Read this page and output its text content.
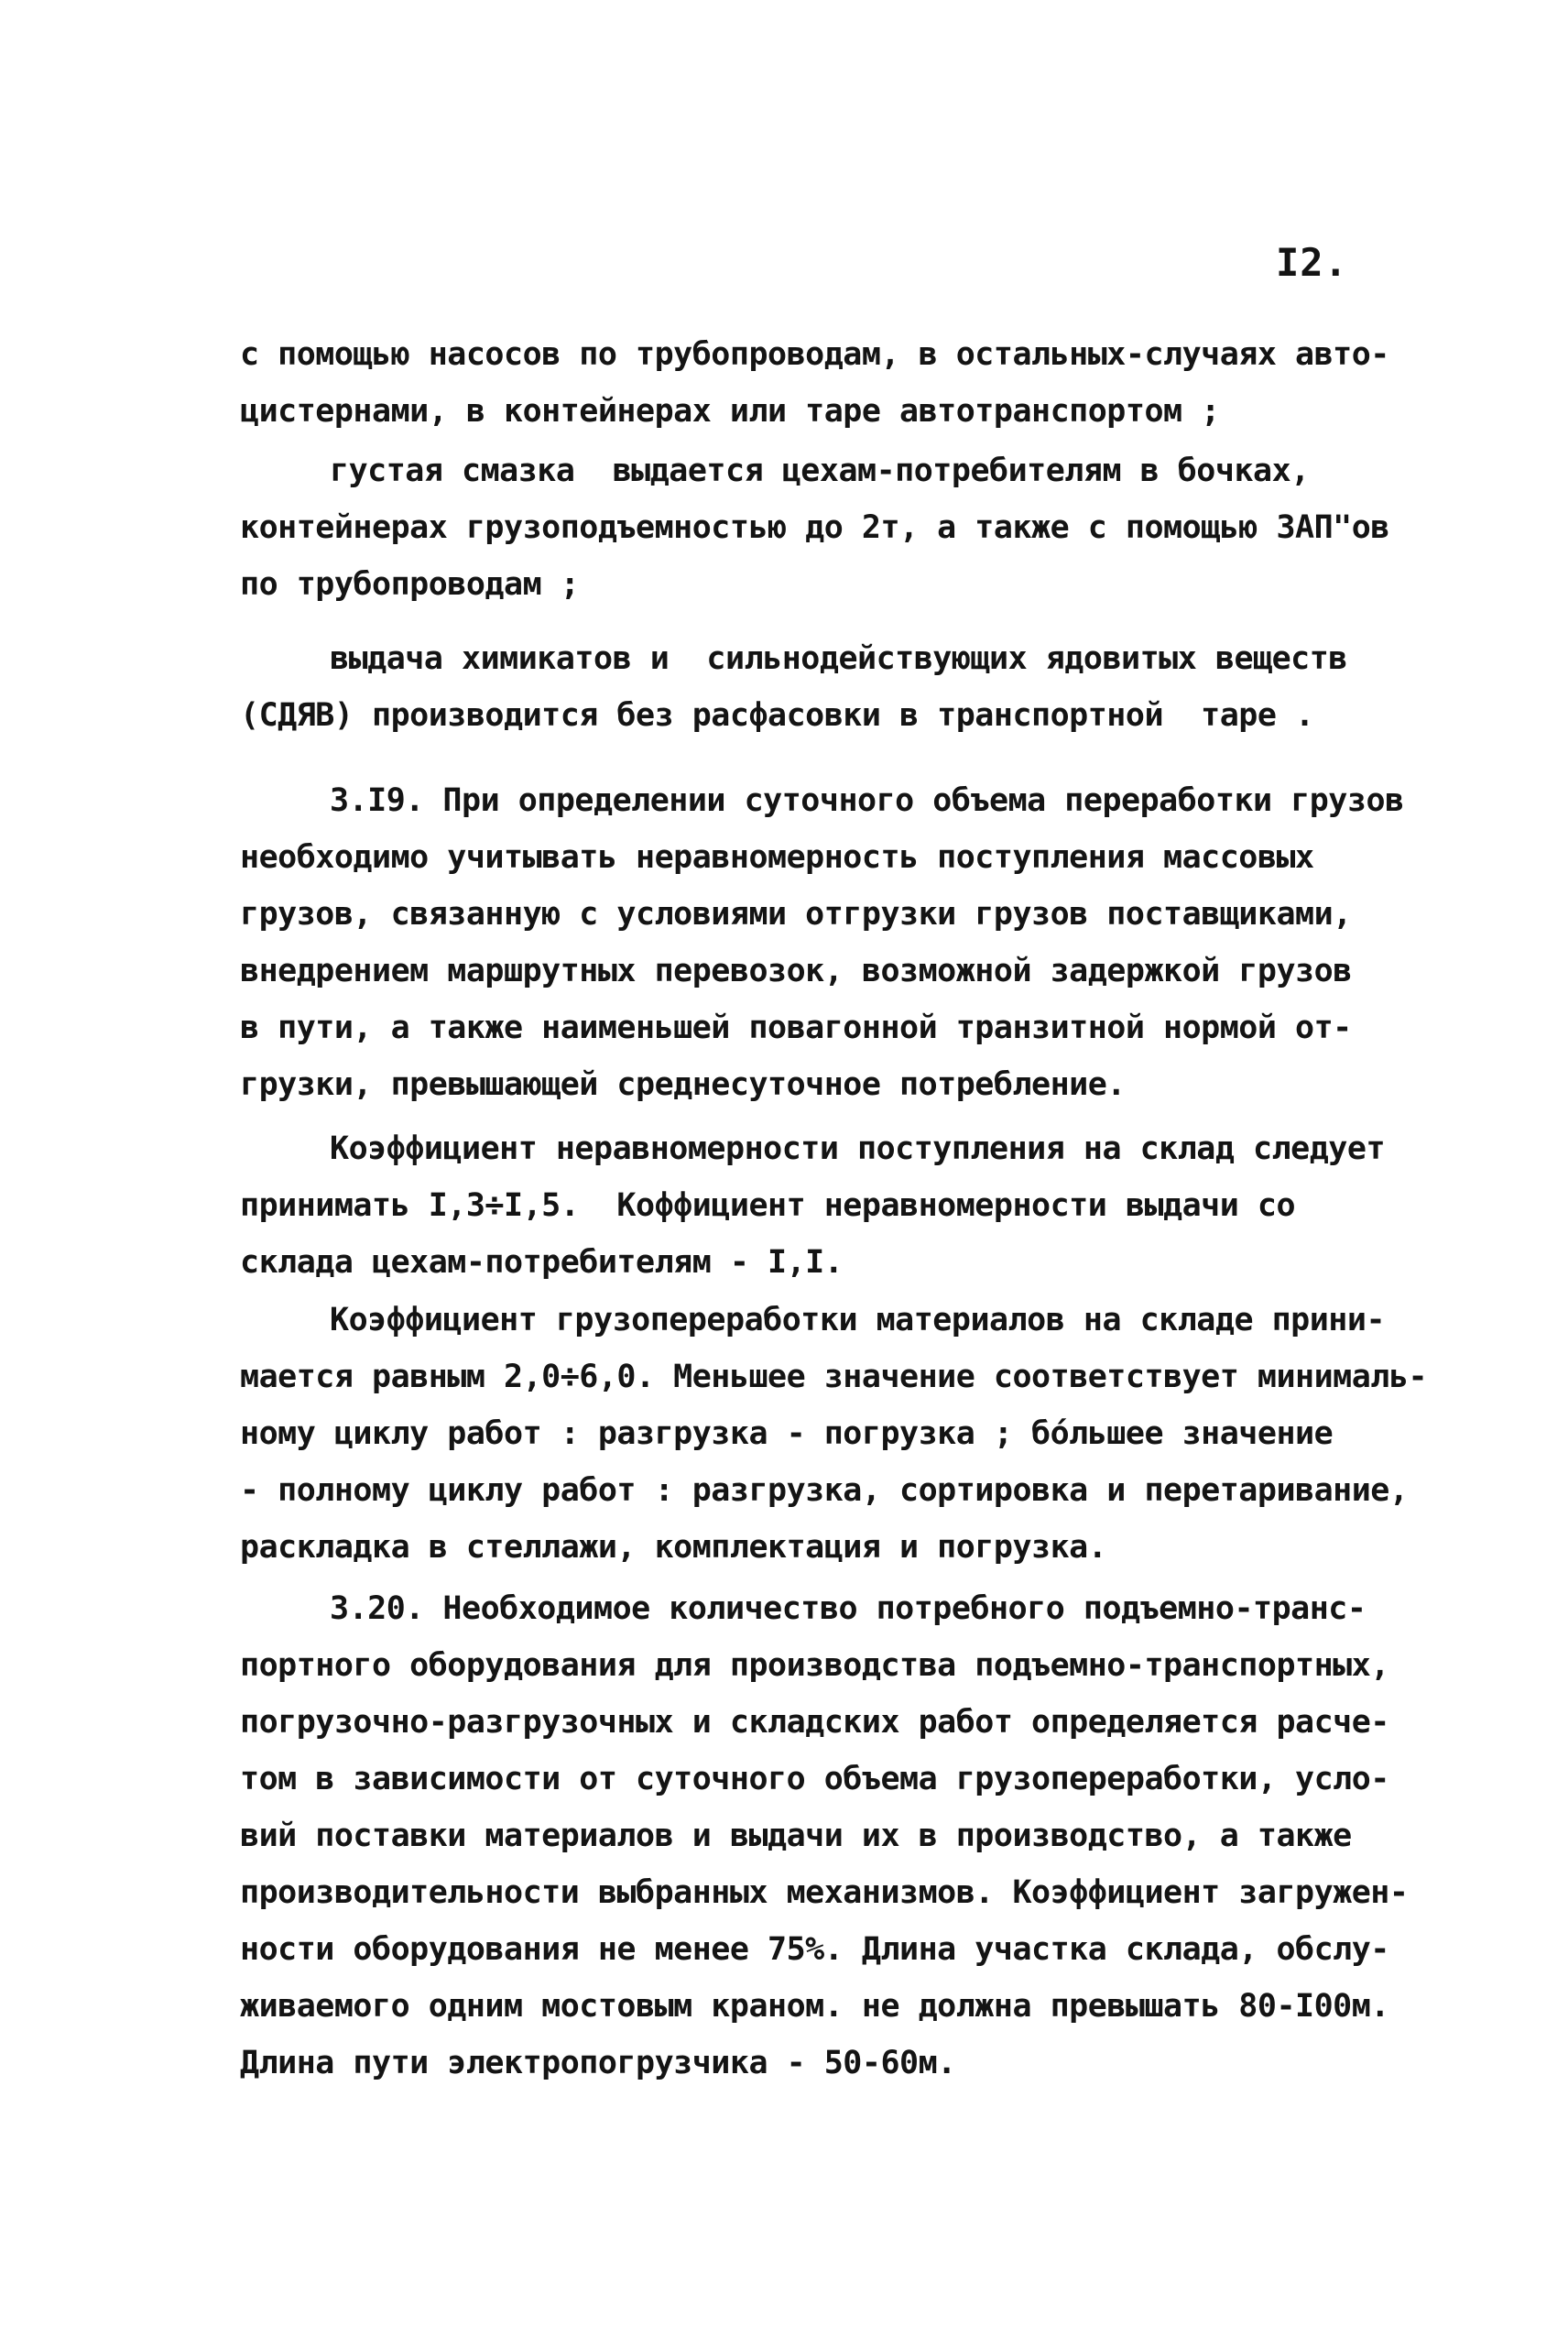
I2.
с помощью насосов по трубопроводам, в остальных-случаях авто-
цистернами, в контейнерах или таре автотранспортом ;
густая смазка  выдается цехам-потребителям в бочках,
контейнерах грузоподъемностью до 2т, а также с помощью ЗАП"ов
по трубопроводам ;
выдача химикатов и  сильнодействующих ядовитых веществ
(СДЯВ) производится без расфасовки в транспортной  таре .
3.I9. При определении суточного объема переработки грузов
необходимо учитывать неравномерность поступления массовых
грузов, связанную с условиями отгрузки грузов поставщиками,
внедрением маршрутных перевозок, возможной задержкой грузов
в пути, а также наименьшей повагонной транзитной нормой от-
грузки, превышающей среднесуточное потребление.
Коэффициент неравномерности поступления на склад следует
принимать I,3÷I,5.  Коффициент неравномерности выдачи со
склада цехам-потребителям - I,I.
Коэффициент грузопереработки материалов на складе прини-
мается равным 2,0÷6,0. Меньшее значение соответствует минималь-
ному циклу работ : разгрузка - погрузка ; бóльшее значение
- полному циклу работ : разгрузка, сортировка и перетаривание,
раскладка в стеллажи, комплектация и погрузка.
3.20. Необходимое количество потребного подъемно-транс-
портного оборудования для производства подъемно-транспортных,
погрузочно-разгрузочных и складских работ определяется расче-
том в зависимости от суточного объема грузопереработки, усло-
вий поставки материалов и выдачи их в производство, а также
производительности выбранных механизмов. Коэффициент загружен-
ности оборудования не менее 75%. Длина участка склада, обслу-
живаемого одним мостовым краном. не должна превышать 80-I00м.
Длина пути электропогрузчика - 50-60м.
